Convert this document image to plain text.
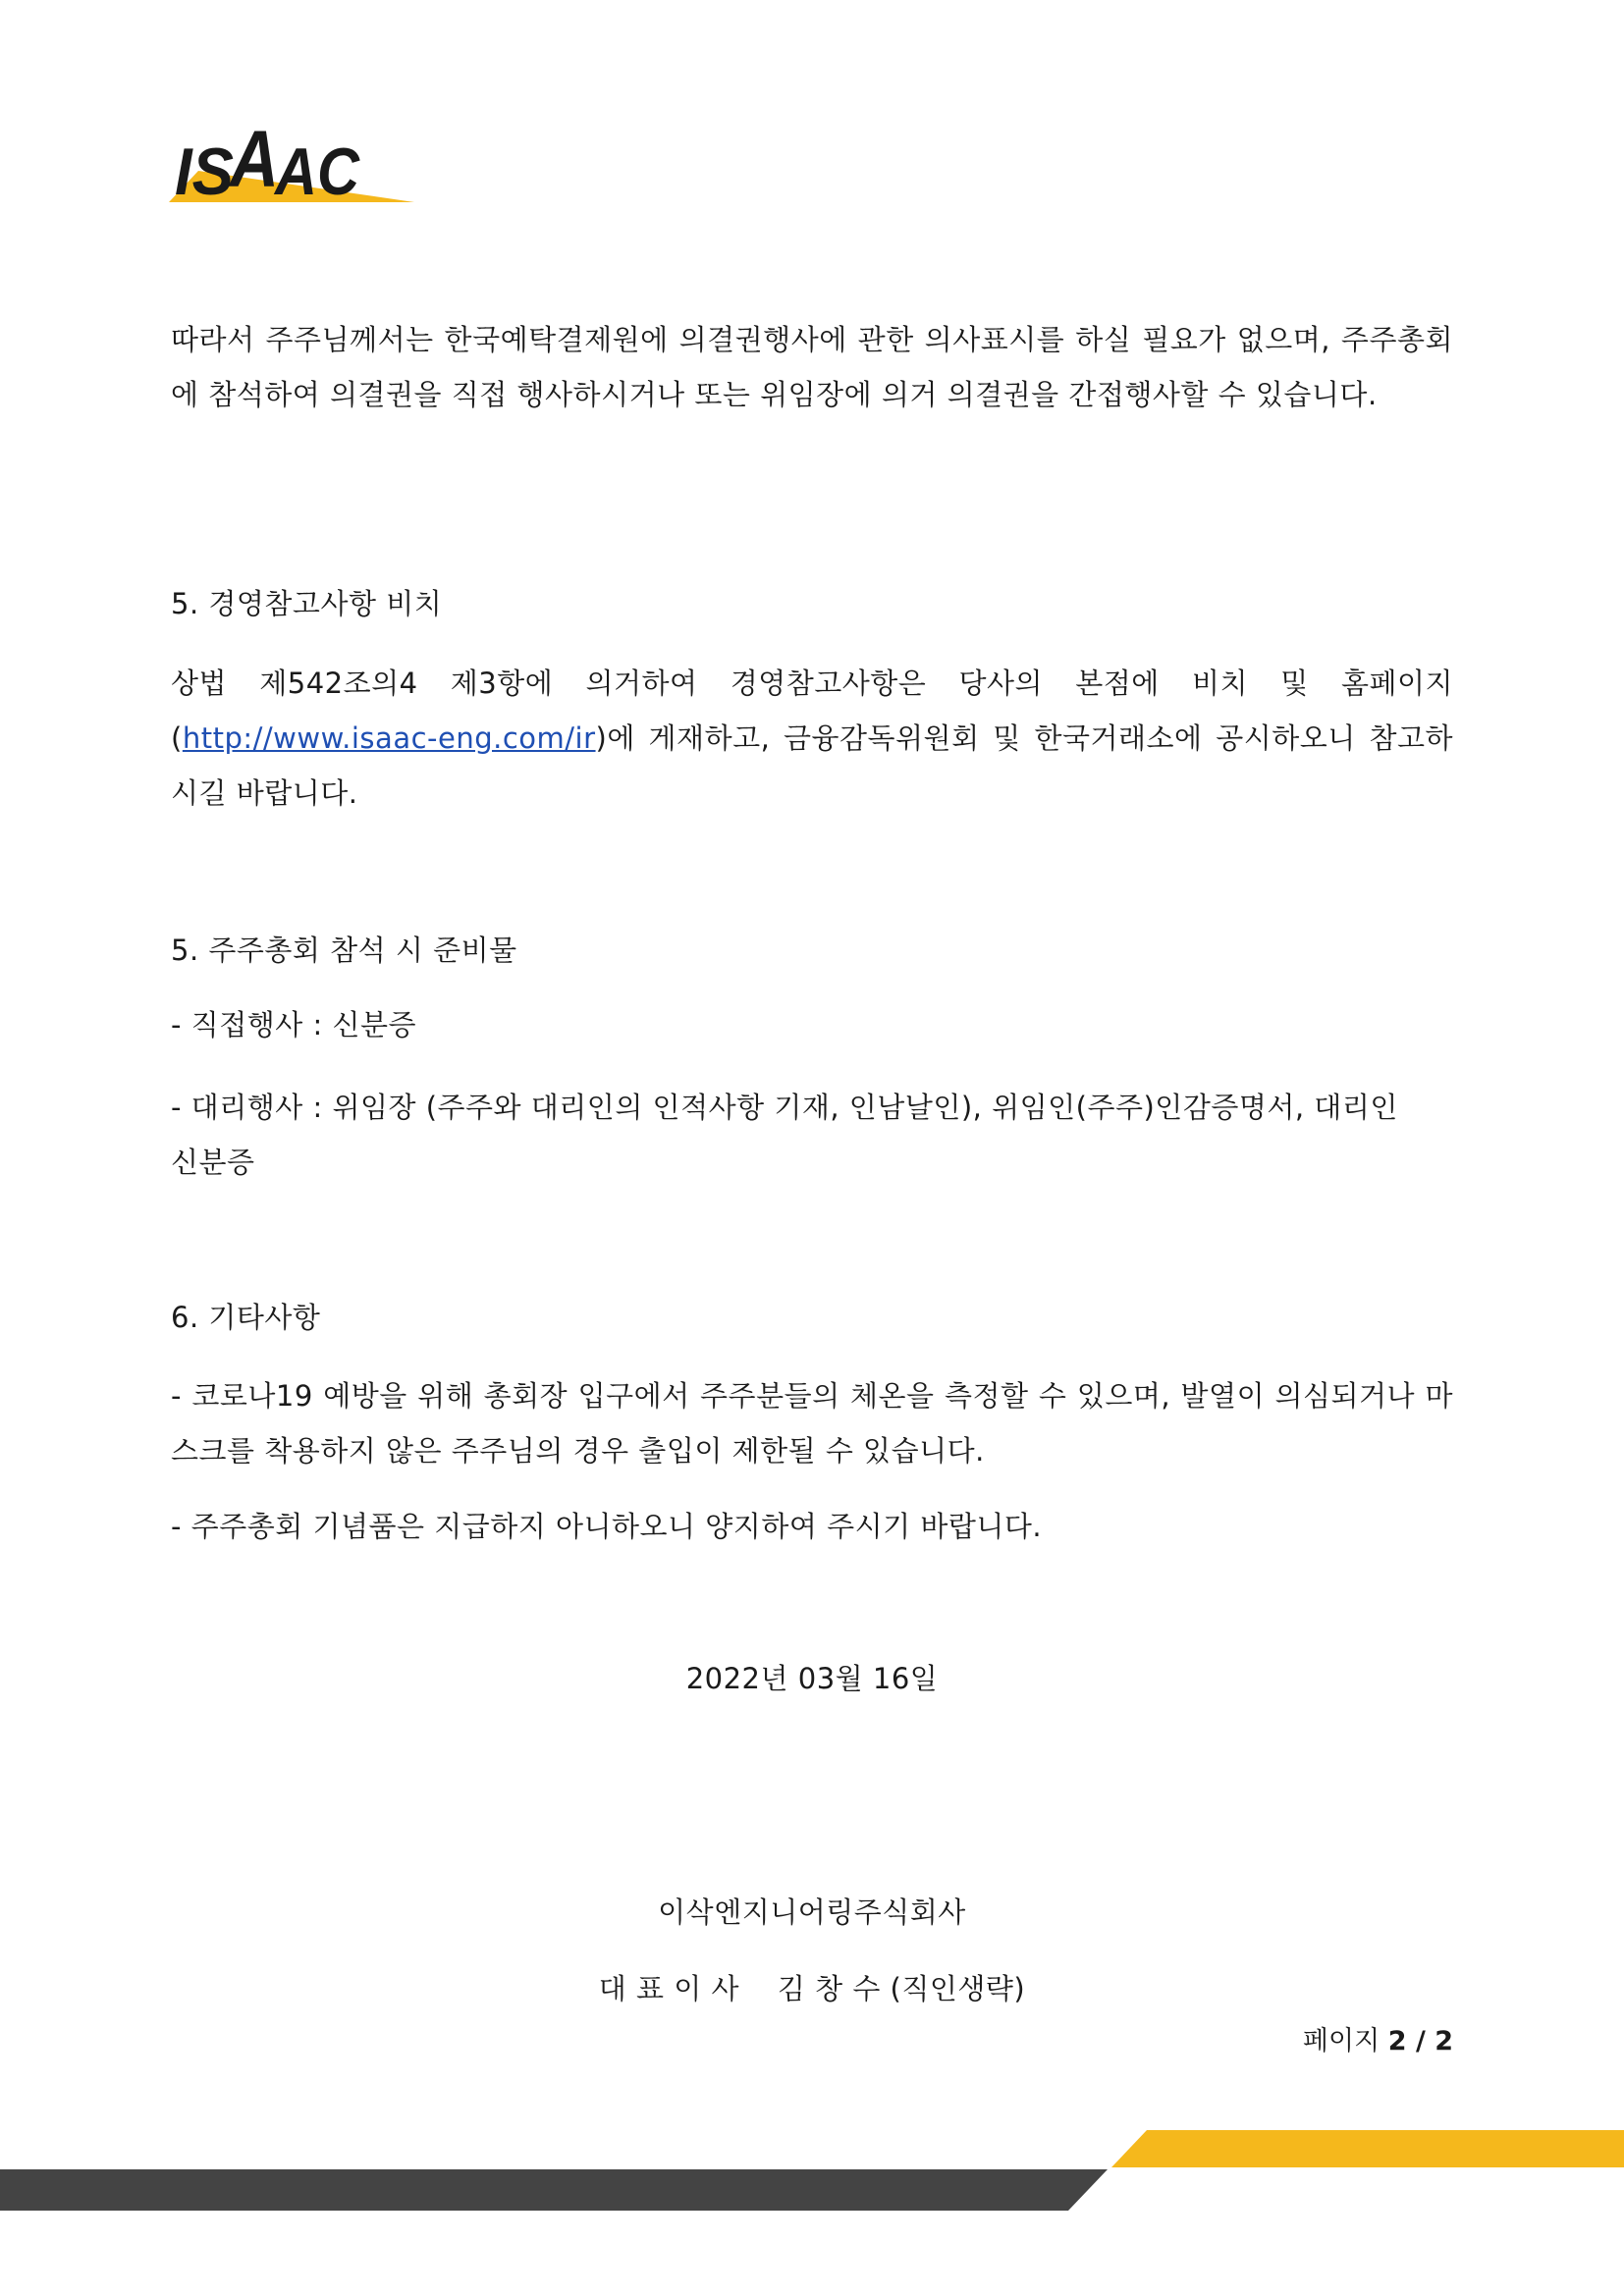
IS
A
AC
따라서 주주님께서는 한국예탁결제원에 의결권행사에 관한 의사표시를 하실 필요가 없으며, 주주총회에 참석하여 의결권을 직접 행사하시거나 또는 위임장에 의거 의결권을 간접행사할 수 있습니다.
5. 경영참고사항 비치
상법 제542조의4 제3항에 의거하여 경영참고사항은 당사의 본점에 비치 및 홈페이지 (http://www.isaac-eng.com/ir)에 게재하고, 금융감독위원회 및 한국거래소에 공시하오니 참고하시길 바랍니다.
5. 주주총회 참석 시 준비물
- 직접행사 : 신분증
- 대리행사 : 위임장 (주주와 대리인의 인적사항 기재, 인남날인), 위임인(주주)인감증명서, 대리인신분증
6. 기타사항
- 코로나19 예방을 위해 총회장 입구에서 주주분들의 체온을 측정할 수 있으며, 발열이 의심되거나 마스크를 착용하지 않은 주주님의 경우 출입이 제한될 수 있습니다.
- 주주총회 기념품은 지급하지 아니하오니 양지하여 주시기 바랍니다.
2022년 03월 16일
이삭엔지니어링주식회사
대 표 이 사    김 창 수 (직인생략)
페이지 2 / 2
